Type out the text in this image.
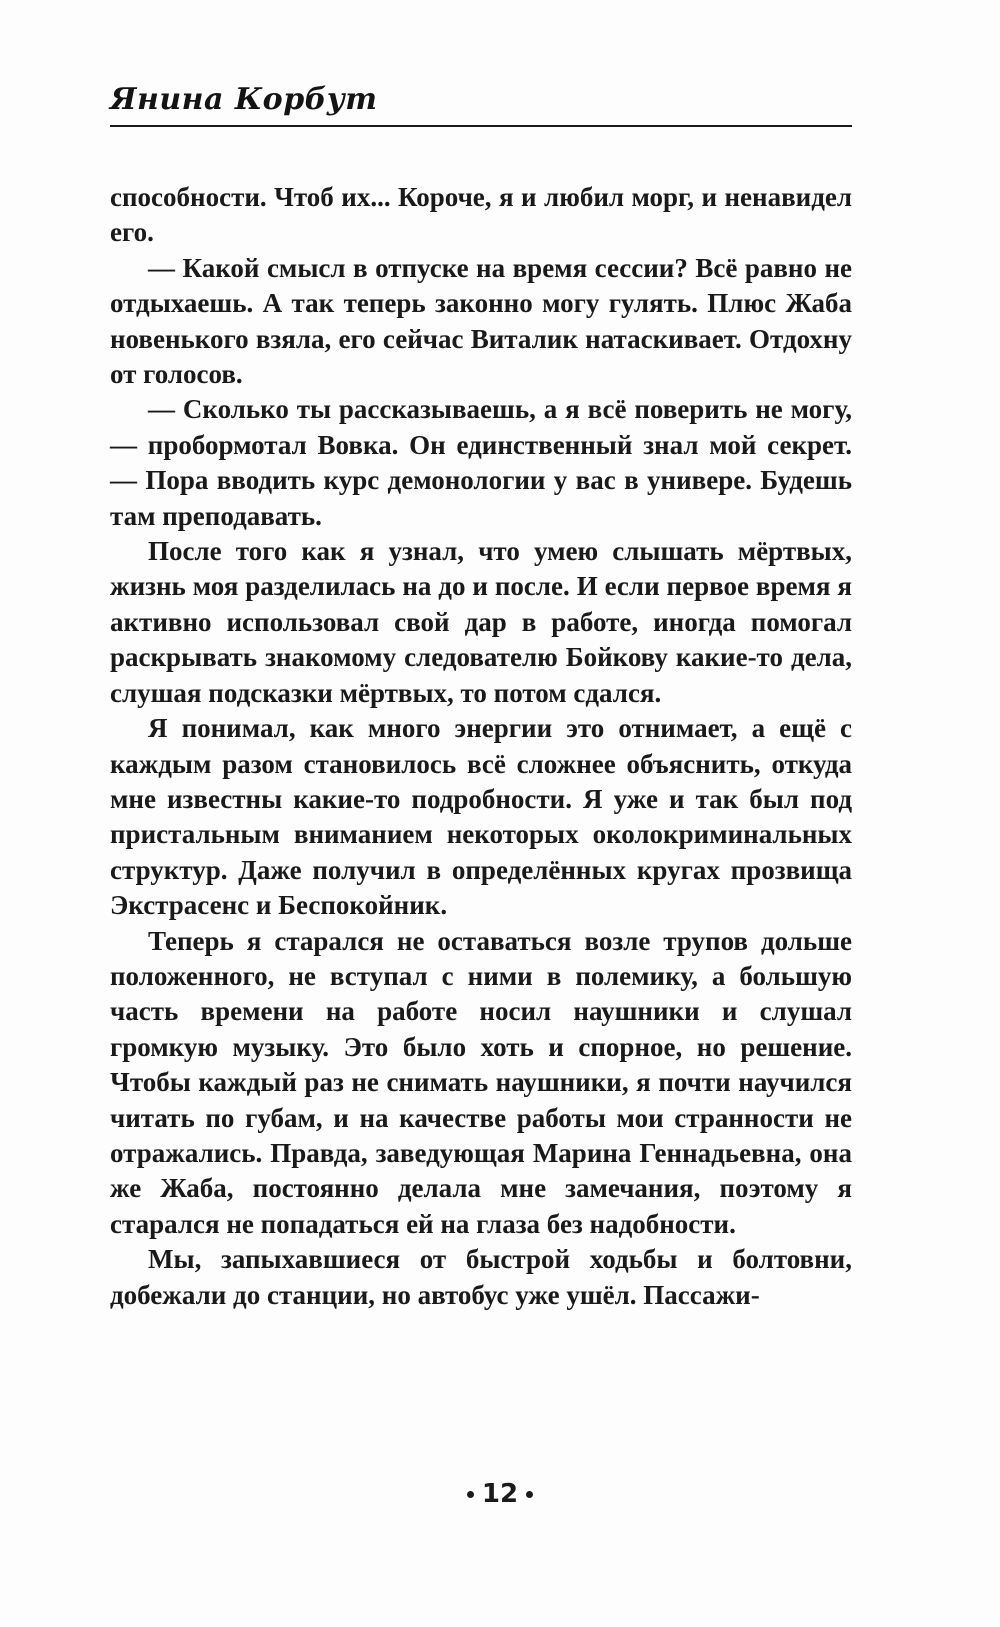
Янина Корбут

способности. Чтоб их... Короче, я и любил морг, и ненавидел его.

— Какой смысл в отпуске на время сессии? Всё равно не отдыхаешь. А так теперь законно могу гулять. Плюс Жаба новенького взяла, его сейчас Виталик натаскивает. Отдохну от голосов.

— Сколько ты рассказываешь, а я всё поверить не могу, — пробормотал Вовка. Он единственный знал мой секрет. — Пора вводить курс демонологии у вас в универе. Будешь там преподавать.

После того как я узнал, что умею слышать мёртвых, жизнь моя разделилась на до и после. И если первое время я активно использовал свой дар в работе, иногда помогал раскрывать знакомому следователю Бойкову какие-то дела, слушая подсказки мёртвых, то потом сдался.

Я понимал, как много энергии это отнимает, а ещё с каждым разом становилось всё сложнее объяснить, откуда мне известны какие-то подробности. Я уже и так был под пристальным вниманием некоторых околокриминальных структур. Даже получил в определённых кругах прозвища Экстрасенс и Беспокойник.

Теперь я старался не оставаться возле трупов дольше положенного, не вступал с ними в полемику, а большую часть времени на работе носил наушники и слушал громкую музыку. Это было хоть и спорное, но решение. Чтобы каждый раз не снимать наушники, я почти научился читать по губам, и на качестве работы мои странности не отражались. Правда, заведующая Марина Геннадьевна, она же Жаба, постоянно делала мне замечания, поэтому я старался не попадаться ей на глаза без надобности.

Мы, запыхавшиеся от быстрой ходьбы и болтовни, добежали до станции, но автобус уже ушёл. Пассажи-

12
